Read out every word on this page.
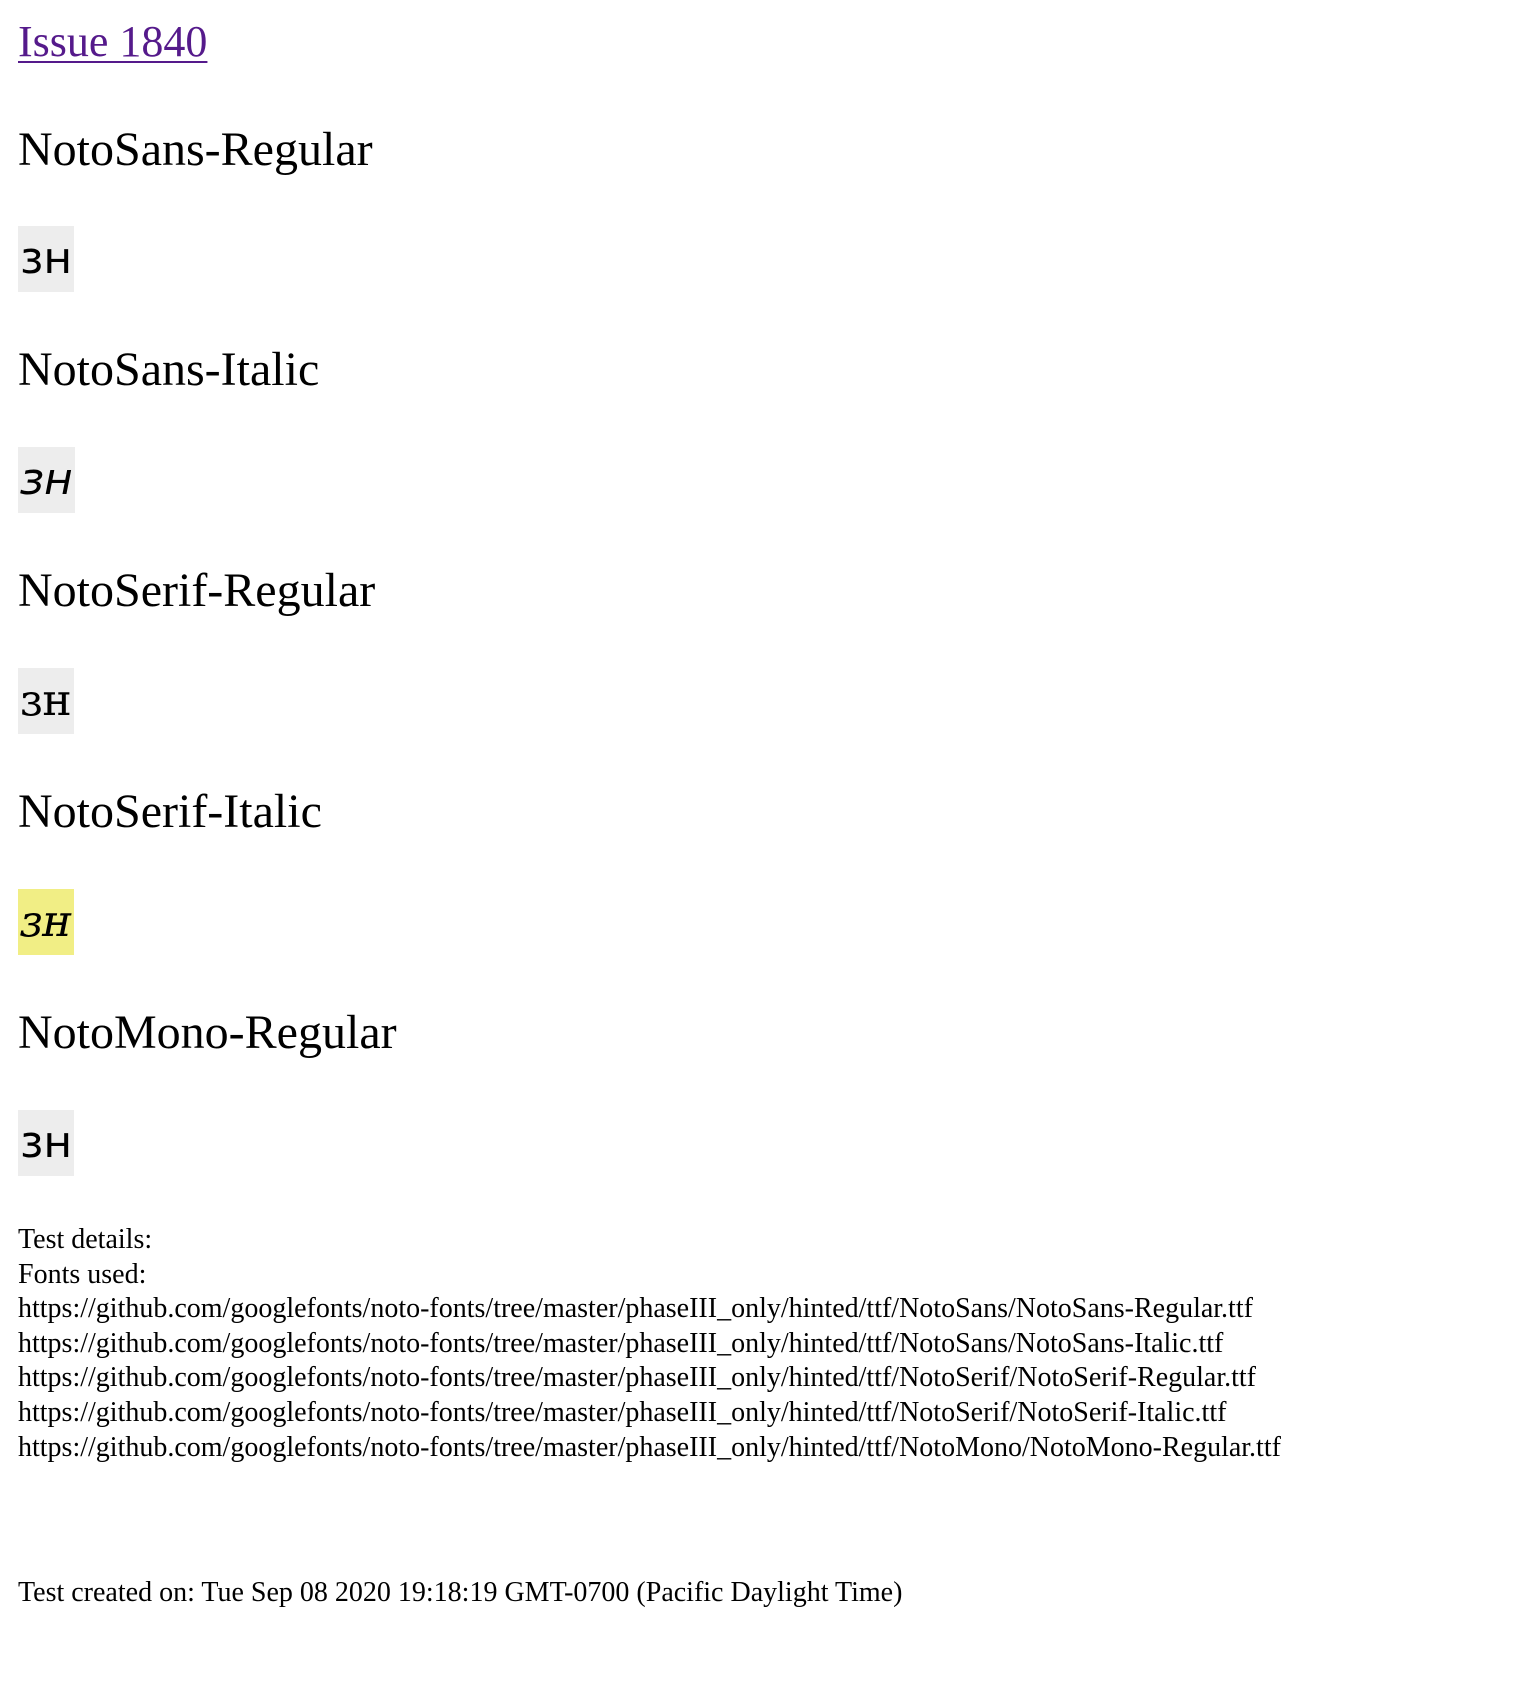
Issue 1840
NotoSans-Regular
ɜʜ
NotoSans-Italic
ɜʜ
NotoSerif-Regular
ɜʜ
NotoSerif-Italic
ɜʜ
NotoMono-Regular
ɜʜ
Test details:
Fonts used:
https://github.com/googlefonts/noto-fonts/tree/master/phaseIII_only/hinted/ttf/NotoSans/NotoSans-Regular.ttf
https://github.com/googlefonts/noto-fonts/tree/master/phaseIII_only/hinted/ttf/NotoSans/NotoSans-Italic.ttf
https://github.com/googlefonts/noto-fonts/tree/master/phaseIII_only/hinted/ttf/NotoSerif/NotoSerif-Regular.ttf
https://github.com/googlefonts/noto-fonts/tree/master/phaseIII_only/hinted/ttf/NotoSerif/NotoSerif-Italic.ttf
https://github.com/googlefonts/noto-fonts/tree/master/phaseIII_only/hinted/ttf/NotoMono/NotoMono-Regular.ttf
Test created on: Tue Sep 08 2020 19:18:19 GMT-0700 (Pacific Daylight Time)
